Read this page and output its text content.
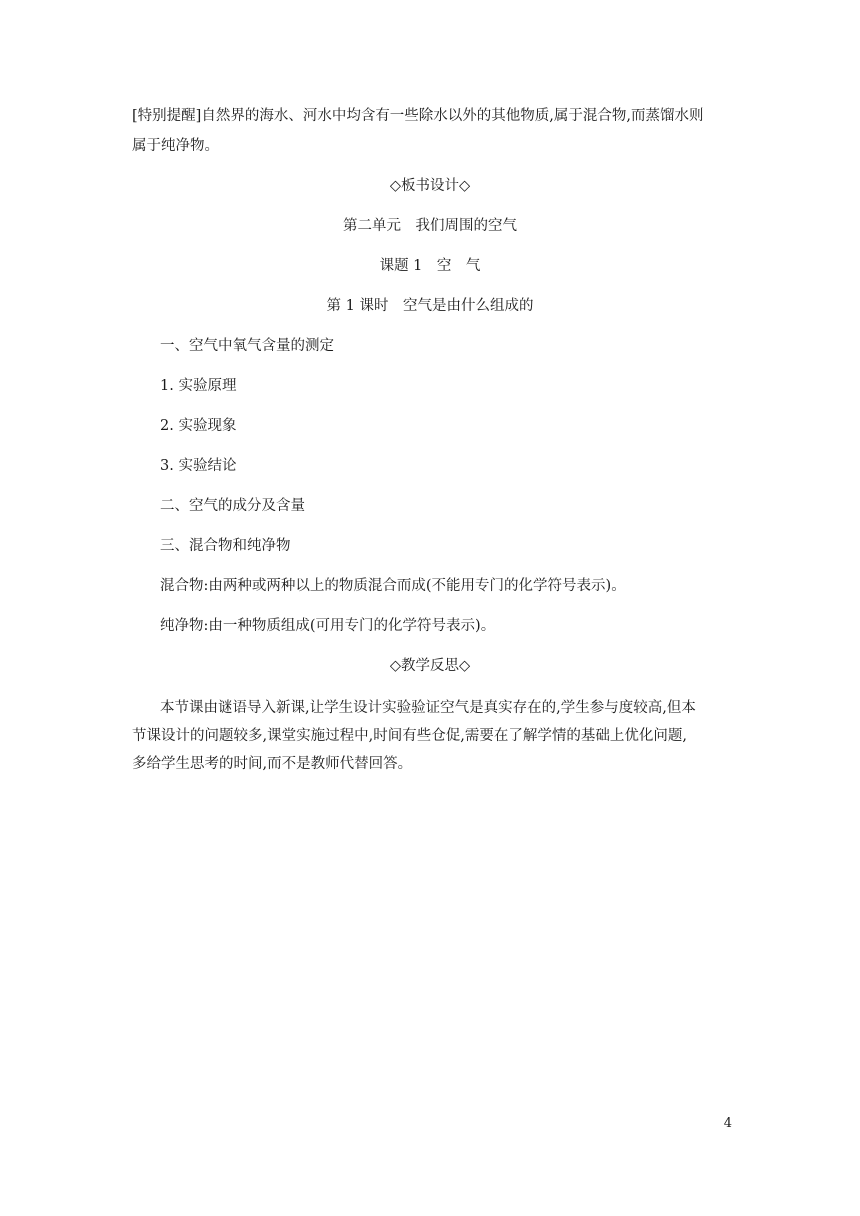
[特别提醒]自然界的海水、河水中均含有一些除水以外的其他物质,属于混合物,而蒸馏水则
属于纯净物。
◇板书设计◇
第二单元　我们周围的空气
课题 1　空　气
第 1 课时　空气是由什么组成的
一、空气中氧气含量的测定
1. 实验原理
2. 实验现象
3. 实验结论
二、空气的成分及含量
三、混合物和纯净物
混合物:由两种或两种以上的物质混合而成(不能用专门的化学符号表示)。
纯净物:由一种物质组成(可用专门的化学符号表示)。
◇教学反思◇
本节课由谜语导入新课,让学生设计实验验证空气是真实存在的,学生参与度较高,但本
节课设计的问题较多,课堂实施过程中,时间有些仓促,需要在了解学情的基础上优化问题,
多给学生思考的时间,而不是教师代替回答。
4
